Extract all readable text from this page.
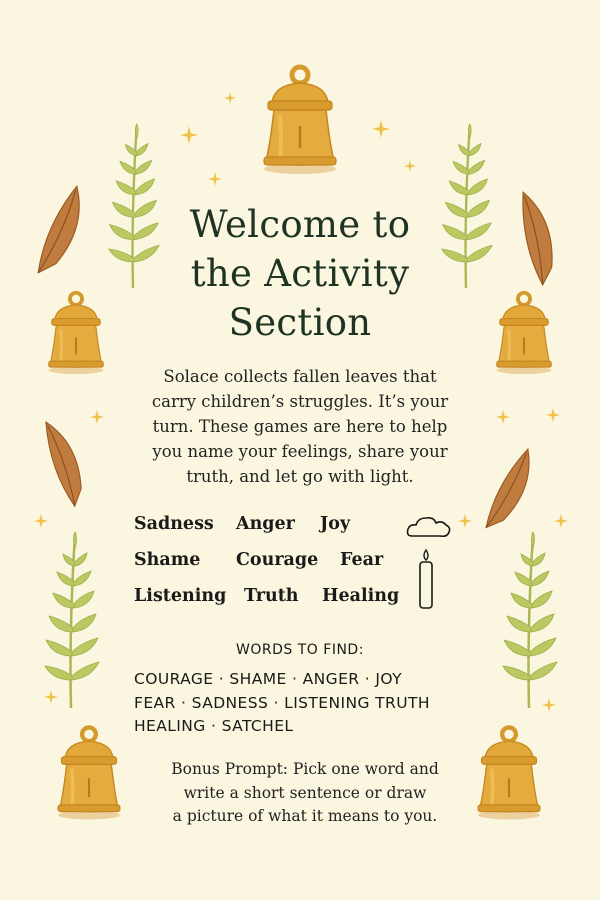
Welcome to
the Activity
Section
Solace collects fallen leaves that
carry children’s struggles. It’s your
turn. These games are here to help
you name your feelings, share your
truth, and let go with light.
Sadness Anger Joy
Shame Courage Fear
Listening Truth Healing
WORDS TO FIND:
COURAGE · SHAME · ANGER · JOY
FEAR · SADNESS · LISTENING TRUTH
HEALING · SATCHEL
Bonus Prompt: Pick one word and
write a short sentence or draw
a picture of what it means to you.
